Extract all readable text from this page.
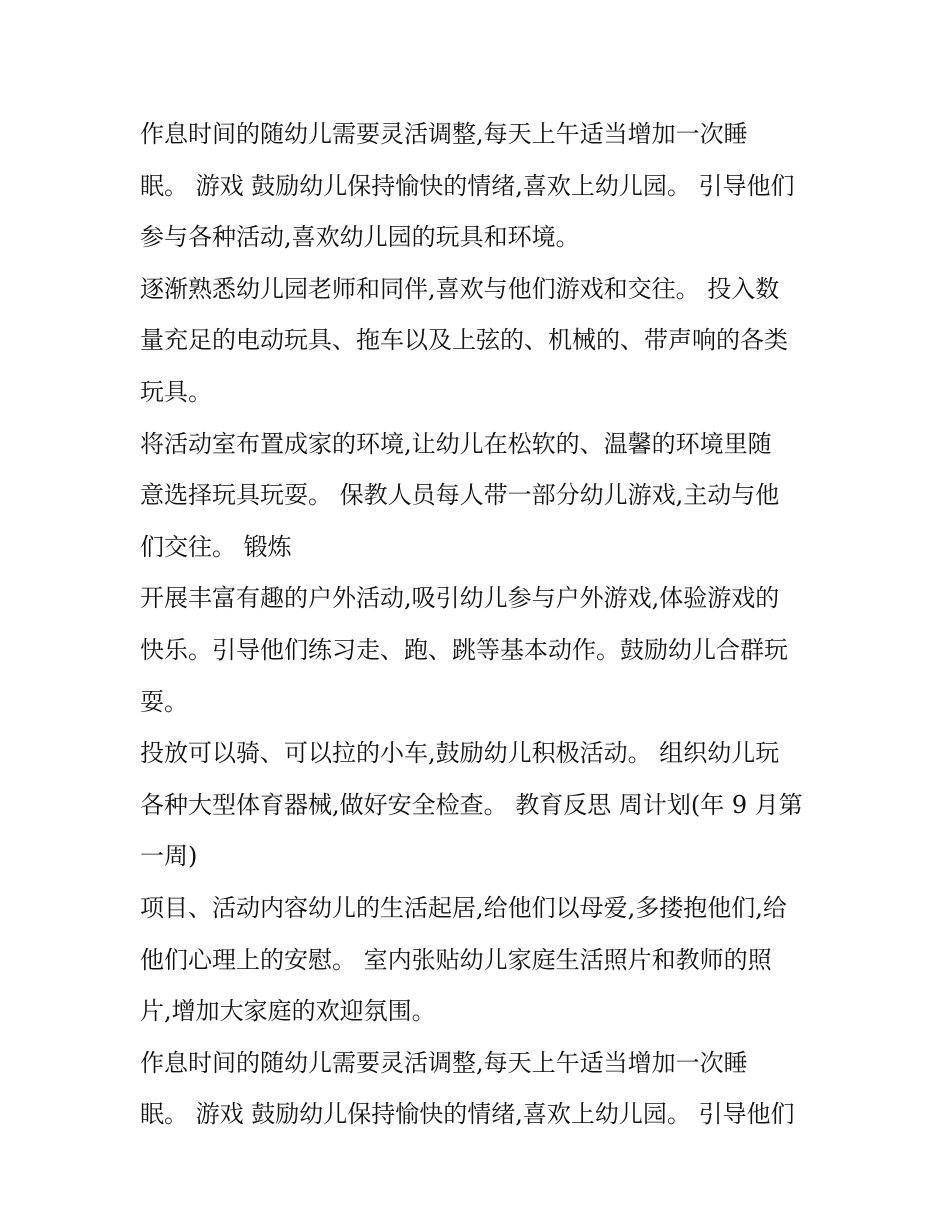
作息时间的随幼儿需要灵活调整,每天上午适当增加一次睡

眠。 游戏 鼓励幼儿保持愉快的情绪,喜欢上幼儿园。 引导他们

参与各种活动,喜欢幼儿园的玩具和环境。

逐渐熟悉幼儿园老师和同伴,喜欢与他们游戏和交往。 投入数

量充足的电动玩具、拖车以及上弦的、机械的、带声响的各类

玩具。

将活动室布置成家的环境,让幼儿在松软的、温馨的环境里随

意选择玩具玩耍。 保教人员每人带一部分幼儿游戏,主动与他

们交往。 锻炼

开展丰富有趣的户外活动,吸引幼儿参与户外游戏,体验游戏的

快乐。引导他们练习走、跑、跳等基本动作。鼓励幼儿合群玩

耍。

投放可以骑、可以拉的小车,鼓励幼儿积极活动。 组织幼儿玩

各种大型体育器械,做好安全检查。 教育反思 周计划(年 9 月第

一周)

项目、活动内容幼儿的生活起居,给他们以母爱,多搂抱他们,给

他们心理上的安慰。 室内张贴幼儿家庭生活照片和教师的照

片,增加大家庭的欢迎氛围。

作息时间的随幼儿需要灵活调整,每天上午适当增加一次睡

眠。 游戏 鼓励幼儿保持愉快的情绪,喜欢上幼儿园。 引导他们
